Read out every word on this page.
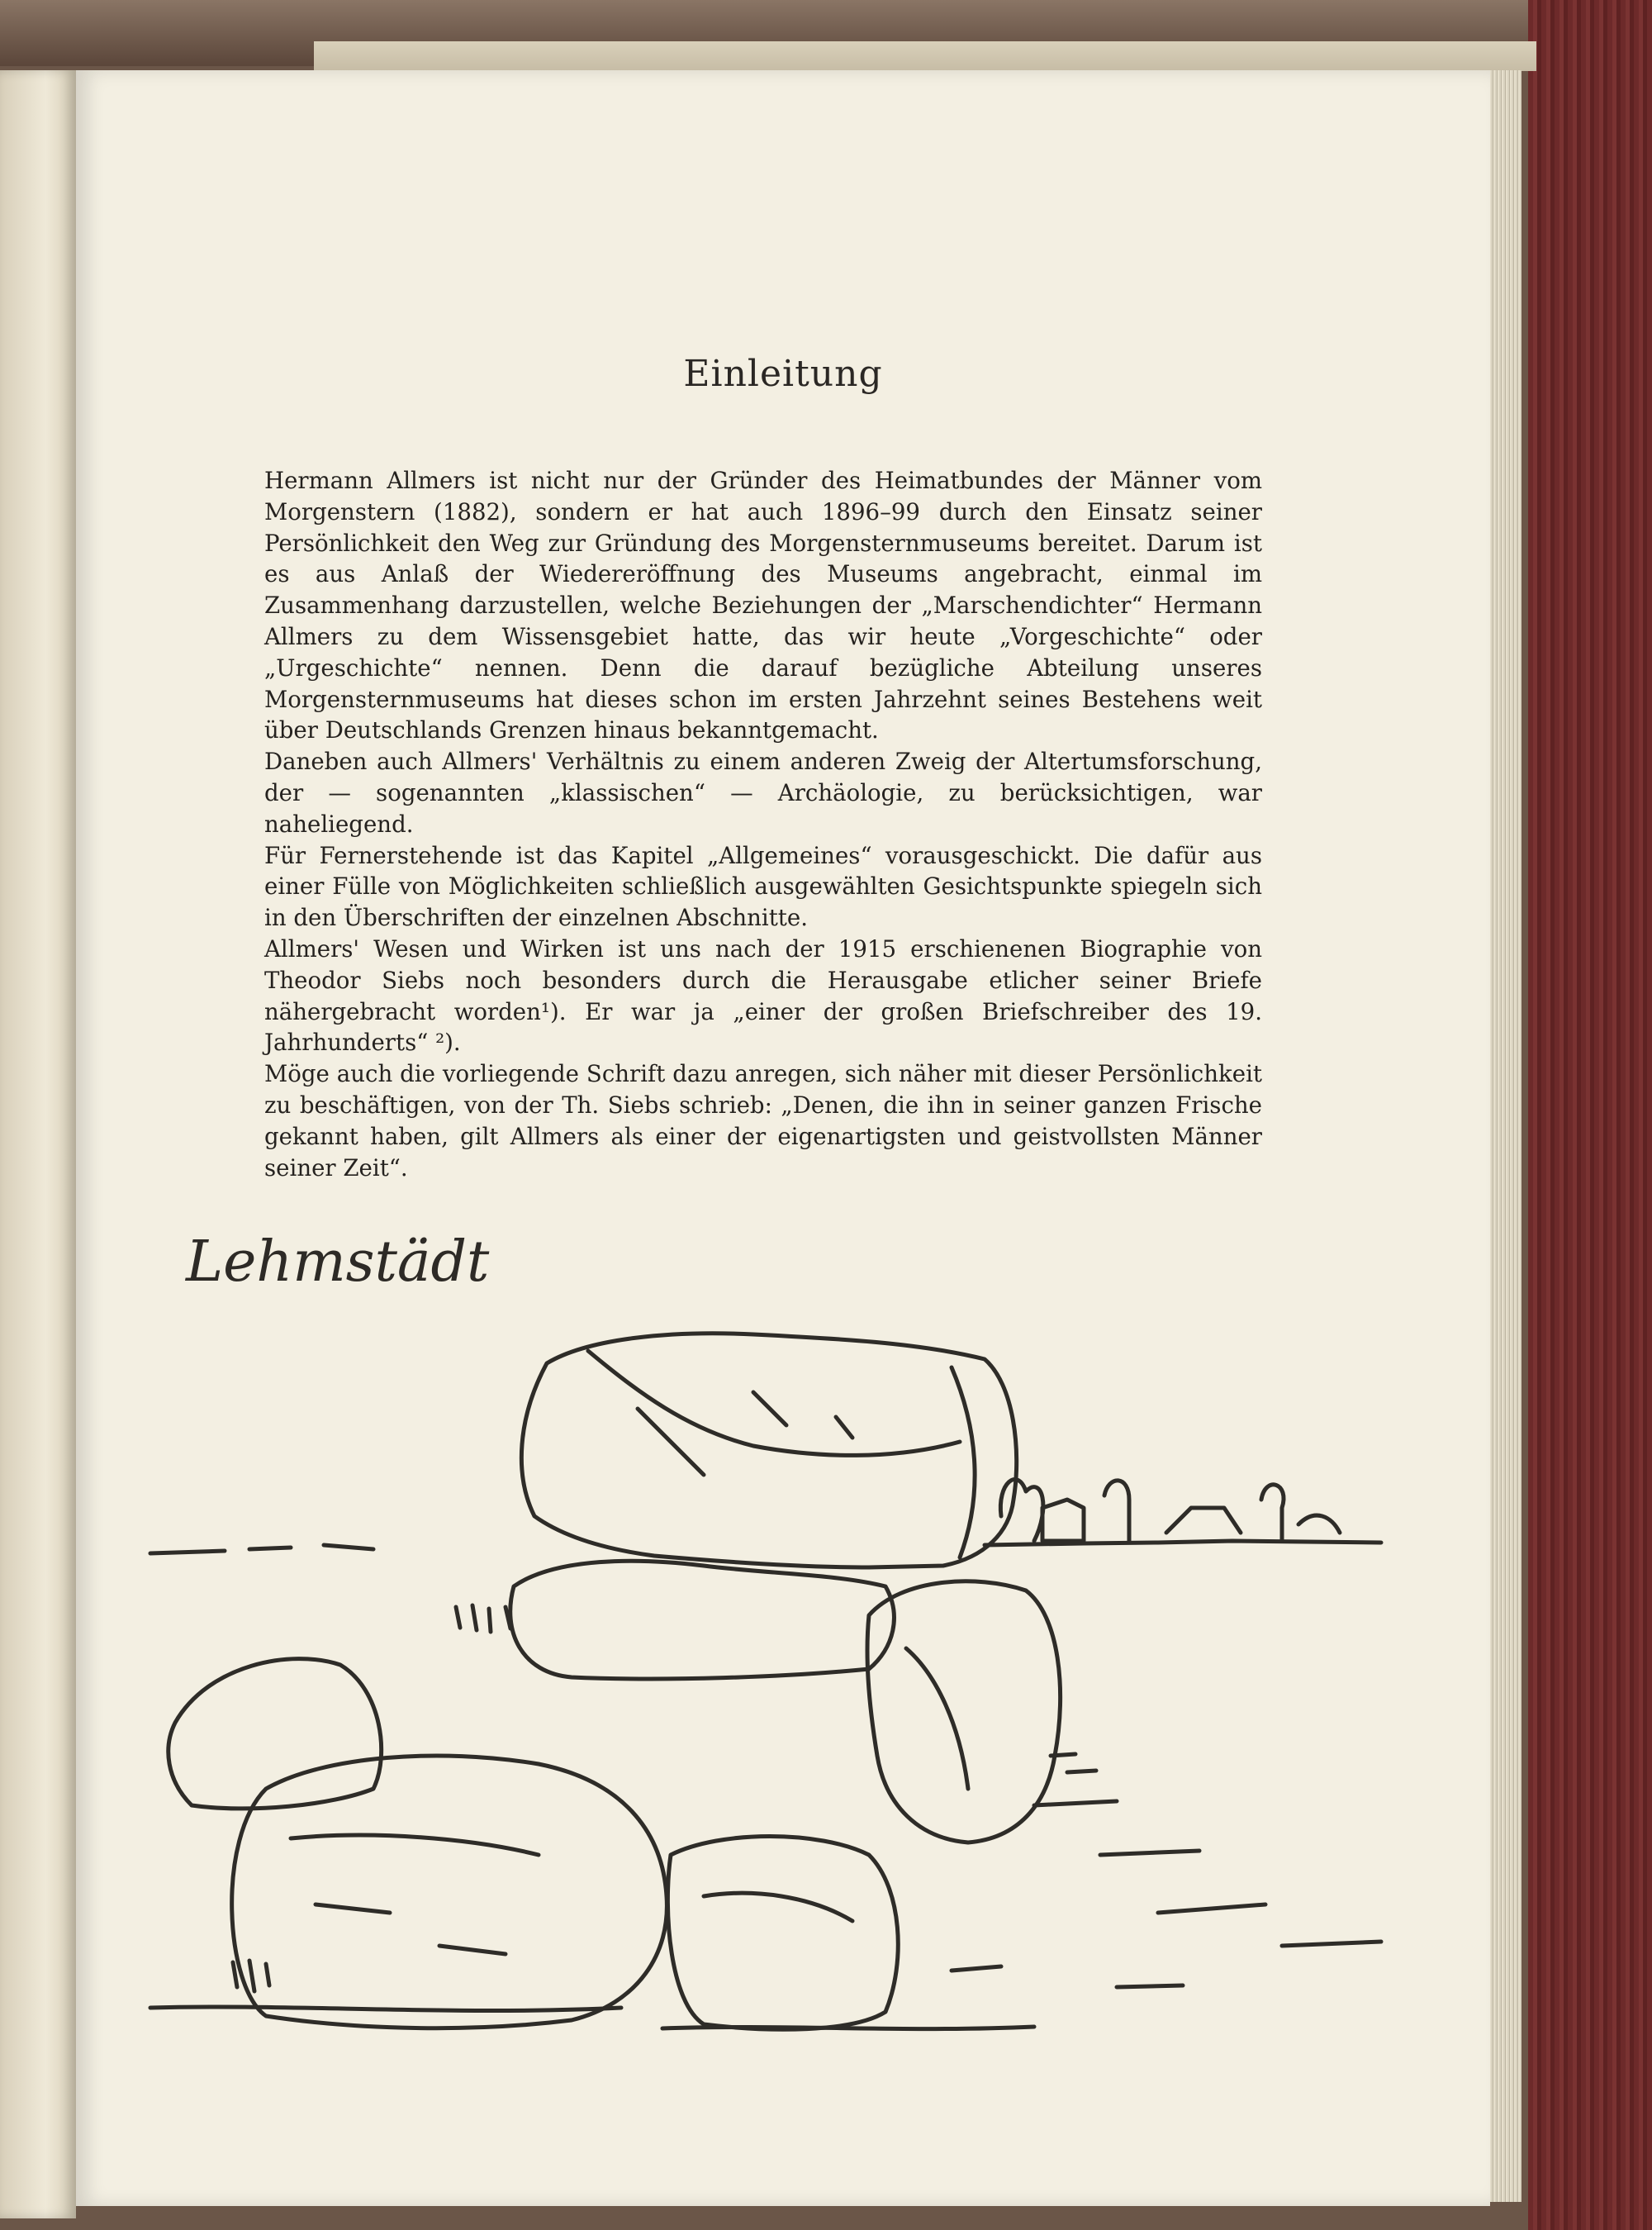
Einleitung

Hermann Allmers ist nicht nur der Gründer des Heimatbundes der Männer vom Morgenstern (1882), sondern er hat auch 1896–99 durch den Einsatz seiner Persönlichkeit den Weg zur Gründung des Morgensternmuseums bereitet. Darum ist es aus Anlaß der Wiedereröffnung des Museums angebracht, einmal im Zusammenhang darzustellen, welche Beziehungen der „Marschendichter“ Hermann Allmers zu dem Wissensgebiet hatte, das wir heute „Vorgeschichte“ oder „Urgeschichte“ nennen. Denn die darauf bezügliche Abteilung unseres Morgensternmuseums hat dieses schon im ersten Jahrzehnt seines Bestehens weit über Deutschlands Grenzen hinaus bekanntgemacht.

Daneben auch Allmers' Verhältnis zu einem anderen Zweig der Altertumsforschung, der — sogenannten „klassischen“ — Archäologie, zu berücksichtigen, war naheliegend.

Für Fernerstehende ist das Kapitel „Allgemeines“ vorausgeschickt. Die dafür aus einer Fülle von Möglichkeiten schließlich ausgewählten Gesichtspunkte spiegeln sich in den Überschriften der einzelnen Abschnitte.

Allmers' Wesen und Wirken ist uns nach der 1915 erschienenen Biographie von Theodor Siebs noch besonders durch die Herausgabe etlicher seiner Briefe nähergebracht worden¹). Er war ja „einer der großen Briefschreiber des 19. Jahrhunderts“ ²).

Möge auch die vorliegende Schrift dazu anregen, sich näher mit dieser Persönlichkeit zu beschäftigen, von der Th. Siebs schrieb: „Denen, die ihn in seiner ganzen Frische gekannt haben, gilt Allmers als einer der eigenartigsten und geistvollsten Männer seiner Zeit“.

Lehmstädt
